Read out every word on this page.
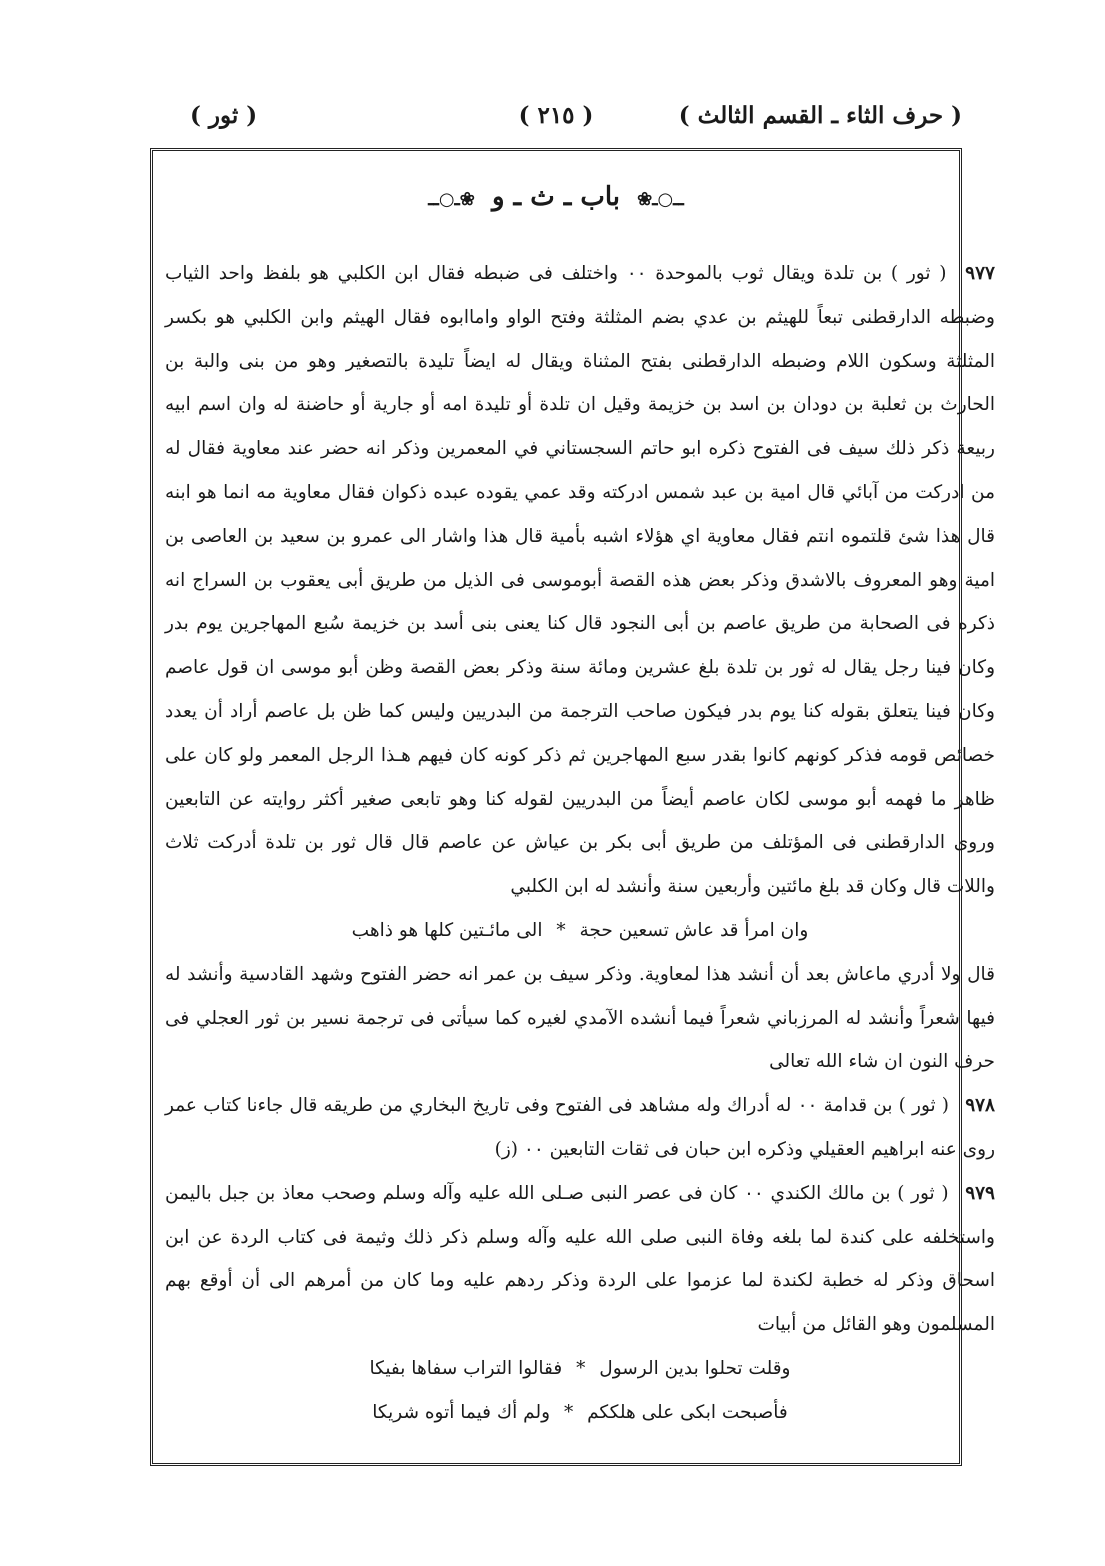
( حرف الثاء ـ القسم الثالث )
( ٢١٥ )
( ثور )
ــ○ـ❀ باب ـ ث ـ و ❀ـ○ــ

٩٧٧ ( ثور ) بن تلدة ويقال ثوب بالموحدة ٠٠ واختلف فى ضبطه فقال ابن الكلبي هو بلفظ واحد الثياب وضبطه الدارقطنى تبعاً للهيثم بن عدي بضم المثلثة وفتح الواو واماابوه فقال الهيثم وابن الكلبي هو بكسر المثلثة وسكون اللام وضبطه الدارقطنى بفتح المثناة ويقال له ايضاً تليدة بالتصغير وهو من بنى والبة بن الحارث بن ثعلبة بن دودان بن اسد بن خزيمة وقيل ان تلدة أو تليدة امه أو جارية أو حاضنة له وان اسم ابيه ربيعة ذكر ذلك سيف فى الفتوح ذكره ابو حاتم السجستاني في المعمرين وذكر انه حضر عند معاوية فقال له من ادركت من آبائي قال امية بن عبد شمس ادركته وقد عمي يقوده عبده ذكوان فقال معاوية مه انما هو ابنه قال هذا شئ قلتموه انتم فقال معاوية اي هؤلاء اشبه بأمية قال هذا واشار الى عمرو بن سعيد بن العاصى بن امية وهو المعروف بالاشدق وذكر بعض هذه القصة أبوموسى فى الذيل من طريق أبى يعقوب بن السراج انه ذكره فى الصحابة من طريق عاصم بن أبى النجود قال كنا يعنى بنى أسد بن خزيمة سُبع المهاجرين يوم بدر وكان فينا رجل يقال له ثور بن تلدة بلغ عشرين ومائة سنة وذكر بعض القصة وظن أبو موسى ان قول عاصم وكان فينا يتعلق بقوله كنا يوم بدر فيكون صاحب الترجمة من البدريين وليس كما ظن بل عاصم أراد أن يعدد خصائص قومه فذكر كونهم كانوا بقدر سبع المهاجرين ثم ذكر كونه كان فيهم هـذا الرجل المعمر ولو كان على ظاهر ما فهمه أبو موسى لكان عاصم أيضاً من البدريين لقوله كنا وهو تابعى صغير أكثر روايته عن التابعين وروى الدارقطنى فى المؤتلف من طريق أبى بكر بن عياش عن عاصم قال قال ثور بن تلدة أدركت ثلاث واللات قال وكان قد بلغ مائتين وأربعين سنة وأنشد له ابن الكلبي

وان امرأ قد عاش تسعين حجة * الى مائـتين كلها هو ذاهب

قال ولا أدري ماعاش بعد أن أنشد هذا لمعاوية. وذكر سيف بن عمر انه حضر الفتوح وشهد القادسية وأنشد له فيها شعراً وأنشد له المرزباني شعراً فيما أنشده الآمدي لغيره كما سيأتى فى ترجمة نسير بن ثور العجلي فى حرف النون ان شاء الله تعالى

٩٧٨ ( ثور ) بن قدامة ٠٠ له أدراك وله مشاهد فى الفتوح وفى تاريخ البخاري من طريقه قال جاءنا كتاب عمر روى عنه ابراهيم العقيلي وذكره ابن حبان فى ثقات التابعين ٠٠ (ز)

٩٧٩ ( ثور ) بن مالك الكندي ٠٠ كان فى عصر النبى صـلى الله عليه وآله وسلم وصحب معاذ بن جبل باليمن واستخلفه على كندة لما بلغه وفاة النبى صلى الله عليه وآله وسلم ذكر ذلك وثيمة فى كتاب الردة عن ابن اسحاق وذكر له خطبة لكندة لما عزموا على الردة وذكر ردهم عليه وما كان من أمرهم الى أن أوقع بهم المسلمون وهو القائل من أبيات

وقلت تحلوا بدين الرسول * فقالوا التراب سفاها بفيكا

فأصبحت ابكى على هلككم * ولم أك فيما أتوه شريكا
